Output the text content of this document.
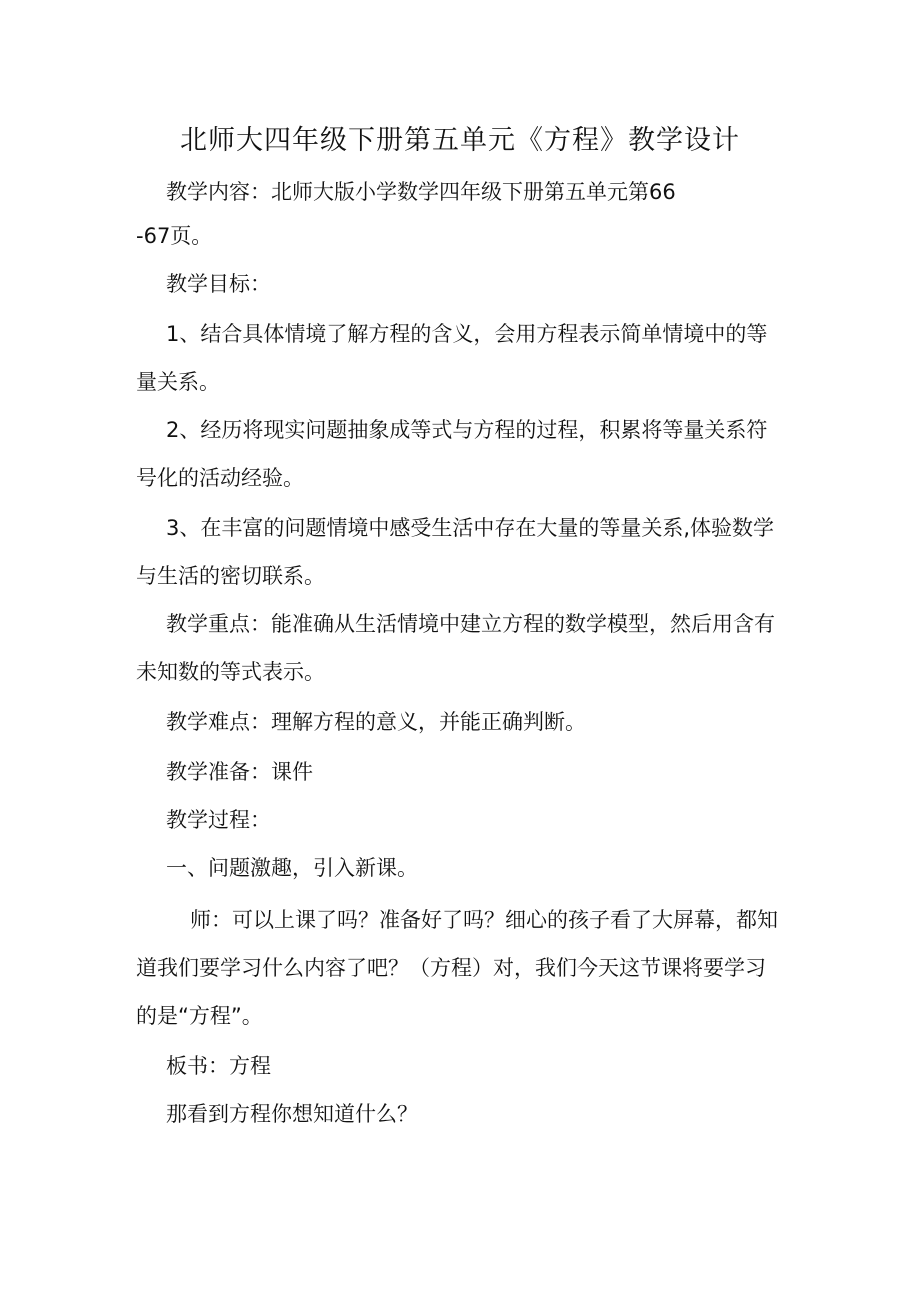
北师大四年级下册第五单元《方程》教学设计
教学内容：北师大版小学数学四年级下册第五单元第66
-67页。
教学目标：
1、结合具体情境了解方程的含义，会用方程表示简单情境中的等
量关系。
2、经历将现实问题抽象成等式与方程的过程，积累将等量关系符
号化的活动经验。
3、在丰富的问题情境中感受生活中存在大量的等量关系,体验数学
与生活的密切联系。
教学重点：能准确从生活情境中建立方程的数学模型，然后用含有
未知数的等式表示。
教学难点：理解方程的意义，并能正确判断。
教学准备：课件
教学过程：
一、问题激趣，引入新课。
师：可以上课了吗？准备好了吗？细心的孩子看了大屏幕，都知
道我们要学习什么内容了吧？（方程）对，我们今天这节课将要学习
的是“方程”。
板书：方程
那看到方程你想知道什么？
